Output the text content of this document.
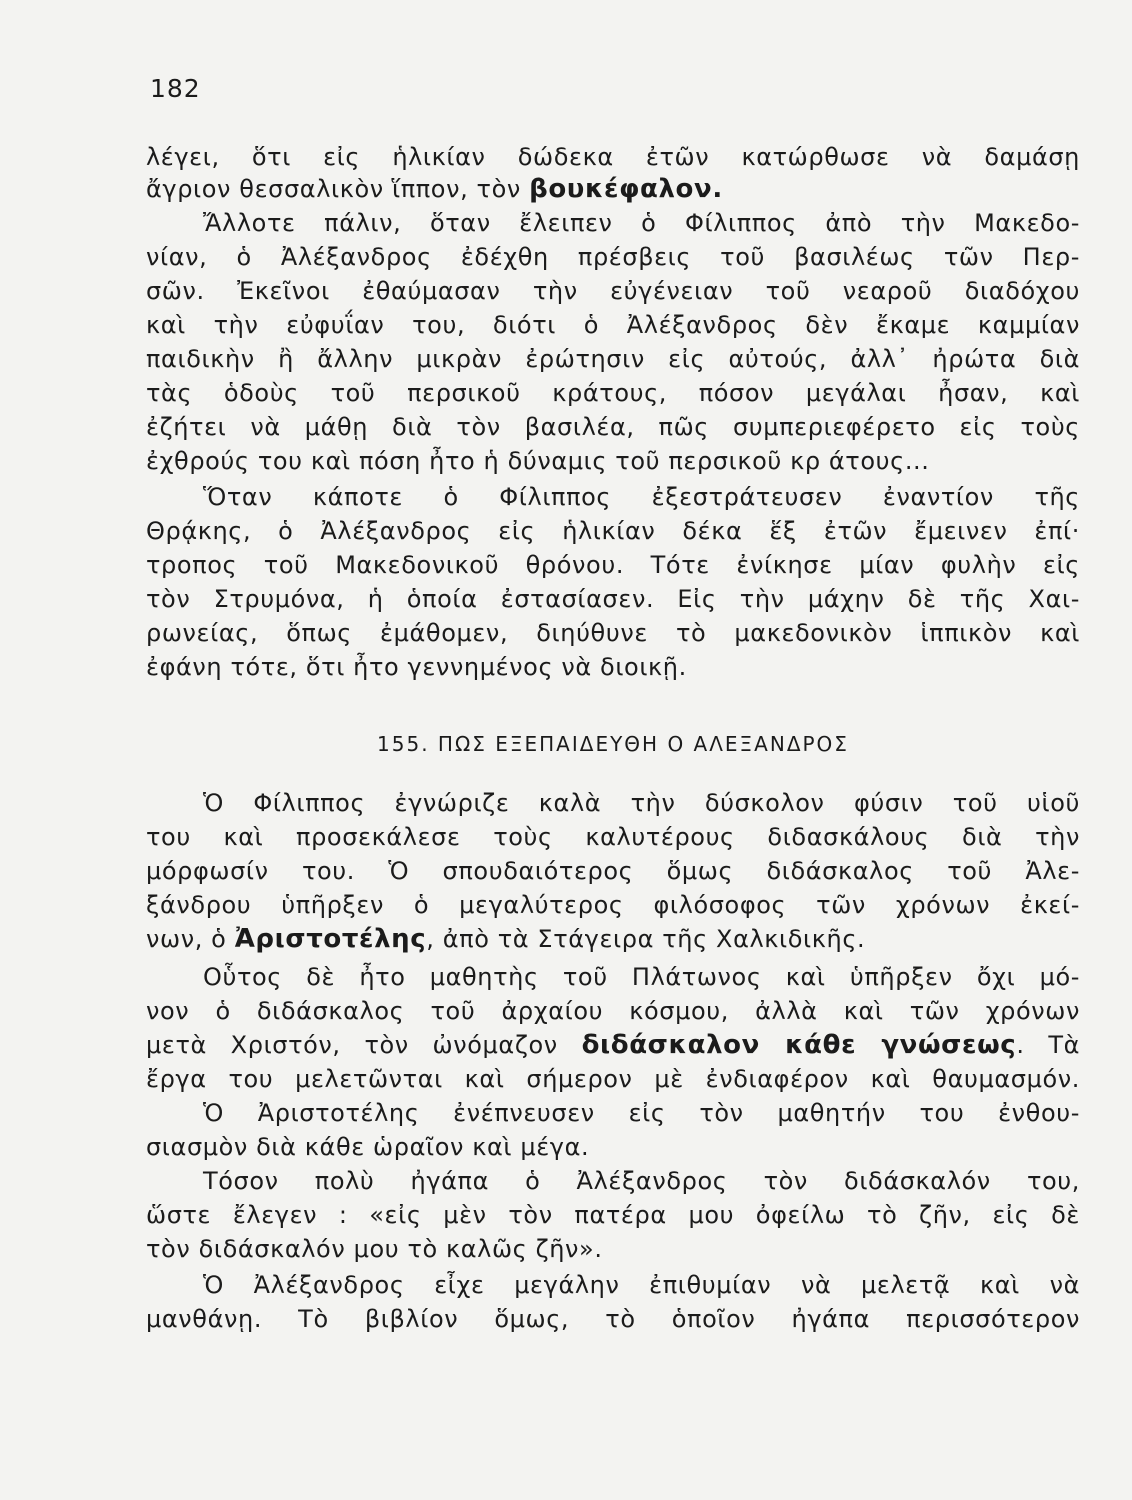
182
λέγει, ὅτι εἰς ἡλικίαν δώδεκα ἐτῶν κατώρθωσε νὰ δαμάσῃ
ἄγριον θεσσαλικὸν ἵππον, τὸν βουκέφαλον.
Ἄλλοτε πάλιν, ὅταν ἔλειπεν ὁ Φίλιππος ἀπὸ τὴν Μακεδο-
νίαν, ὁ Ἀλέξανδρος ἐδέχθη πρέσβεις τοῦ βασιλέως τῶν Περ-
σῶν. Ἐκεῖνοι ἐθαύμασαν τὴν εὐγένειαν τοῦ νεαροῦ διαδόχου
καὶ τὴν εὐφυΐαν του, διότι ὁ Ἀλέξανδρος δὲν ἔκαμε καμμίαν
παιδικὴν ἢ ἄλλην μικρὰν ἐρώτησιν εἰς αὐτούς, ἀλλ᾽ ἠρώτα διὰ
τὰς ὁδοὺς τοῦ περσικοῦ κράτους, πόσον μεγάλαι ἦσαν, καὶ
ἐζήτει νὰ μάθῃ διὰ τὸν βασιλέα, πῶς συμπεριεφέρετο εἰς τοὺς
ἐχθρούς του καὶ πόση ἦτο ἡ δύναμις τοῦ περσικοῦ κρ άτους...
Ὅταν κάποτε ὁ Φίλιππος ἐξεστράτευσεν ἐναντίον τῆς
Θρᾴκης, ὁ Ἀλέξανδρος εἰς ἡλικίαν δέκα ἕξ ἐτῶν ἔμεινεν ἐπί·
τροπος τοῦ Μακεδονικοῦ θρόνου. Τότε ἐνίκησε μίαν φυλὴν εἰς
τὸν Στρυμόνα, ἡ ὁποία ἐστασίασεν. Εἰς τὴν μάχην δὲ τῆς Χαι-
ρωνείας, ὅπως ἐμάθομεν, διηύθυνε τὸ μακεδονικὸν ἱππικὸν καὶ
ἐφάνη τότε, ὅτι ἦτο γεννημένος νὰ διοικῇ.
155. ΠΩΣ ΕΞΕΠΑΙΔΕΥΘΗ Ο ΑΛΕΞΑΝΔΡΟΣ
Ὁ Φίλιππος ἐγνώριζε καλὰ τὴν δύσκολον φύσιν τοῦ υἱοῦ
του καὶ προσεκάλεσε τοὺς καλυτέρους διδασκάλους διὰ τὴν
μόρφωσίν του. Ὁ σπουδαιότερος ὅμως διδάσκαλος τοῦ Ἀλε-
ξάνδρου ὑπῆρξεν ὁ μεγαλύτερος φιλόσοφος τῶν χρόνων ἐκεί-
νων, ὁ Ἀριστοτέλης, ἀπὸ τὰ Στάγειρα τῆς Χαλκιδικῆς.
Οὗτος δὲ ἦτο μαθητὴς τοῦ Πλάτωνος καὶ ὑπῆρξεν ὄχι μό-
νον ὁ διδάσκαλος τοῦ ἀρχαίου κόσμου, ἀλλὰ καὶ τῶν χρόνων
μετὰ Χριστόν, τὸν ὠνόμαζον διδάσκαλον κάθε γνώσεως. Τὰ
ἔργα του μελετῶνται καὶ σήμερον μὲ ἐνδιαφέρον καὶ θαυμασμόν.
Ὁ Ἀριστοτέλης ἐνέπνευσεν εἰς τὸν μαθητήν του ἐνθου-
σιασμὸν διὰ κάθε ὡραῖον καὶ μέγα.
Τόσον πολὺ ἠγάπα ὁ Ἀλέξανδρος τὸν διδάσκαλόν του,
ὥστε ἔλεγεν : «εἰς μὲν τὸν πατέρα μου ὀφείλω τὸ ζῆν, εἰς δὲ
τὸν διδάσκαλόν μου τὸ καλῶς ζῆν».
Ὁ Ἀλέξανδρος εἶχε μεγάλην ἐπιθυμίαν νὰ μελετᾷ καὶ νὰ
μανθάνῃ. Τὸ βιβλίον ὅμως, τὸ ὁποῖον ἠγάπα περισσότερον
